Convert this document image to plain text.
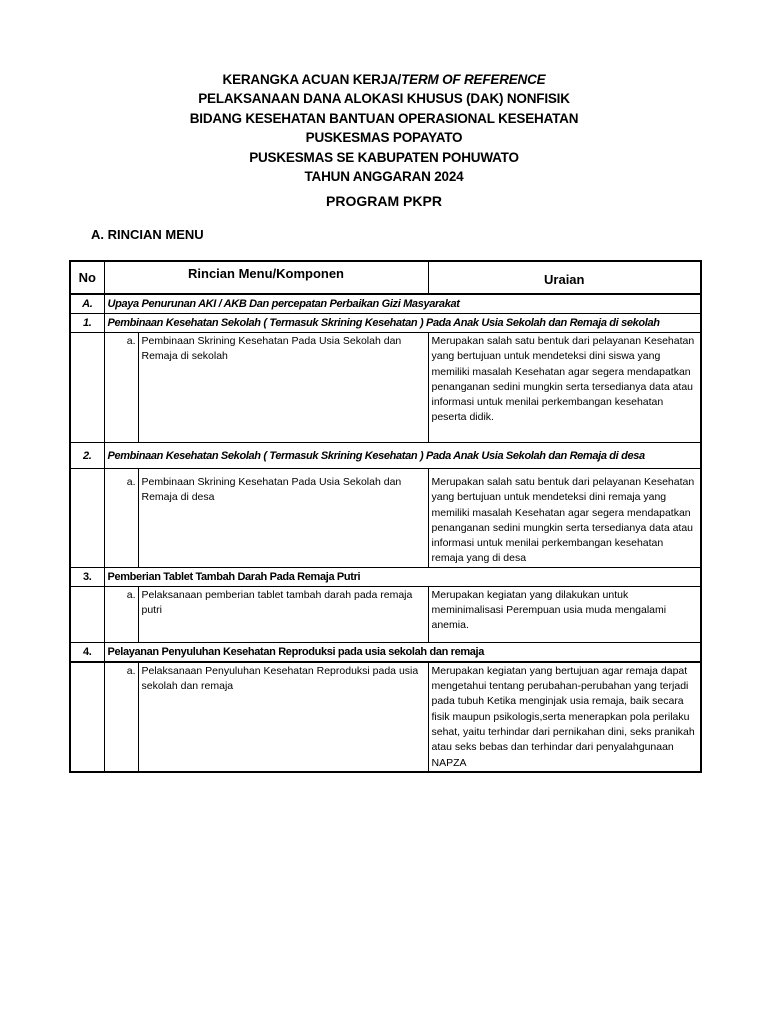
KERANGKA ACUAN KERJA/TERM OF REFERENCE
PELAKSANAAN DANA ALOKASI KHUSUS (DAK) NONFISIK
BIDANG KESEHATAN BANTUAN OPERASIONAL KESEHATAN
PUSKESMAS POPAYATO
PUSKESMAS SE KABUPATEN POHUWATO
TAHUN ANGGARAN 2024
PROGRAM PKPR
A. RINCIAN MENU
No	Rincian Menu/Komponen		Uraian
A.	Upaya Penurunan AKI / AKB Dan percepatan Perbaikan Gizi Masyarakat		
1.	Pembinaan Kesehatan Sekolah ( Termasuk Skrining Kesehatan ) Pada Anak Usia Sekolah dan Remaja di sekolah		
	a.	Pembinaan Skrining Kesehatan Pada Usia Sekolah dan Remaja di sekolah	Merupakan salah satu bentuk dari pelayanan Kesehatan yang bertujuan untuk mendeteksi dini siswa yang memiliki masalah Kesehatan agar segera mendapatkan penanganan sedini mungkin serta tersedianya data atau informasi untuk menilai perkembangan kesehatan peserta didik.
2.	Pembinaan Kesehatan Sekolah ( Termasuk Skrining Kesehatan ) Pada Anak Usia Sekolah dan Remaja di desa		
	a.	Pembinaan Skrining Kesehatan Pada Usia Sekolah dan Remaja di desa	Merupakan salah satu bentuk dari pelayanan Kesehatan yang bertujuan untuk mendeteksi dini remaja yang memiliki masalah Kesehatan agar segera mendapatkan penanganan sedini mungkin serta tersedianya data atau informasi untuk menilai perkembangan kesehatan remaja yang di desa
3.	Pemberian Tablet Tambah Darah Pada Remaja Putri		
	a.	Pelaksanaan pemberian tablet tambah darah pada remaja putri	Merupakan kegiatan yang dilakukan untuk meminimalisasi Perempuan usia muda mengalami anemia.
4.	Pelayanan Penyuluhan Kesehatan Reproduksi pada usia sekolah dan remaja		
	a.	Pelaksanaan Penyuluhan Kesehatan Reproduksi pada usia sekolah dan remaja	Merupakan kegiatan yang bertujuan agar remaja dapat mengetahui tentang perubahan-perubahan yang terjadi pada tubuh Ketika menginjak usia remaja, baik secara fisik maupun psikologis,serta menerapkan pola perilaku sehat, yaitu terhindar dari pernikahan dini, seks pranikah atau seks bebas dan terhindar dari penyalahgunaan NAPZA
